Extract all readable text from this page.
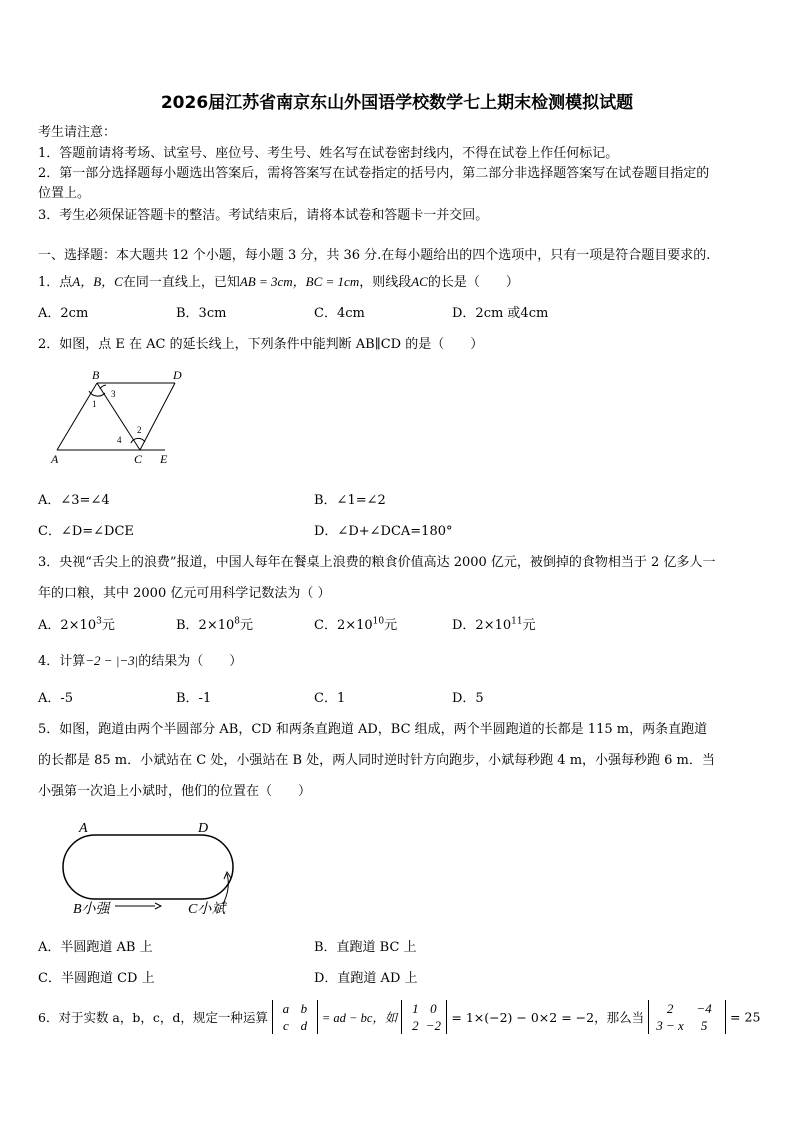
2026届江苏省南京东山外国语学校数学七上期末检测模拟试题
考生请注意：
1．答题前请将考场、试室号、座位号、考生号、姓名写在试卷密封线内，不得在试卷上作任何标记。
2．第一部分选择题每小题选出答案后，需将答案写在试卷指定的括号内，第二部分非选择题答案写在试卷题目指定的
位置上。
3．考生必须保证答题卡的整洁。考试结束后，请将本试卷和答题卡一并交回。
一、选择题：本大题共 12 个小题，每小题 3 分，共 36 分.在每小题给出的四个选项中，只有一项是符合题目要求的.
1．点A，B，C在同一直线上，已知AB = 3cm，BC = 1cm，则线段AC的长是（　　）
A．2cm	B．3cm	C．4cm	D．2cm 或4cm
2．如图，点 E 在 AC 的延长线上，下列条件中能判断 AB∥CD 的是（　　）
B	D
A	C E
1
3
2
4
A．∠3=∠4	B．∠1=∠2
C．∠D=∠DCE	D．∠D+∠DCA=180°
3．央视“舌尖上的浪费”报道，中国人每年在餐桌上浪费的粮食价值高达 2000 亿元，被倒掉的食物相当于 2 亿多人一
年的口粮，其中 2000 亿元可用科学记数法为（ ）
A．$2\times 10^3$元	B．$2\times 10^8$元	C．$2\times 10^{10}$元	D．$2\times 10^{11}$元
4．计算−2 − |−3|的结果为（　　）
A．-5	B．-1	C．1	D．5
5．如图，跑道由两个半圆部分 AB，CD 和两条直跑道 AD，BC 组成，两个半圆跑道的长都是 115 m，两条直跑道
的长都是 85 m．小斌站在 C 处，小强站在 B 处，两人同时逆时针方向跑步，小斌每秒跑 4 m，小强每秒跑 6 m．当
小强第一次追上小斌时，他们的位置在（　　）
A	D
B小强	C小斌
A．半圆跑道 AB 上	B．直跑道 BC 上
C．半圆跑道 CD 上	D．直跑道 AD 上
6．对于实数 a，b，c，d，规定一种运算 a b
c d = ad − bc，如 1 0
2 −2 = 1×(−2) − 0×2 = −2，那么当 2 −4
3 − x 5 = 25
